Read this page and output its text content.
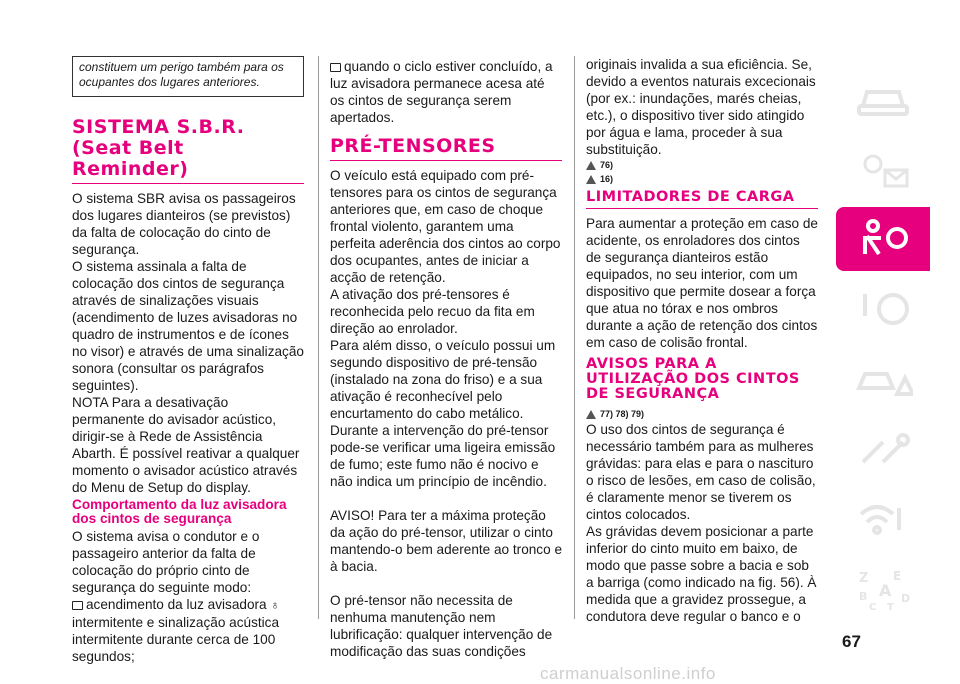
constituem um perigo também para os ocupantes dos lugares anteriores.
SISTEMA S.B.R. (Seat Belt Reminder)

O sistema SBR avisa os passageiros dos lugares dianteiros (se previstos) da falta de colocação do cinto de segurança.

O sistema assinala a falta de colocação dos cintos de segurança através de sinalizações visuais (acendimento de luzes avisadoras no quadro de instrumentos e de ícones no visor) e através de uma sinalização sonora (consultar os parágrafos seguintes).

NOTA Para a desativação permanente do avisador acústico, dirigir-se à Rede de Assistência Abarth. É possível reativar a qualquer momento o avisador acústico através do Menu de Setup do display.

Comportamento da luz avisadora dos cintos de segurança

O sistema avisa o condutor e o passageiro anterior da falta de colocação do próprio cinto de segurança do seguinte modo:

acendimento da luz avisadora ♁

intermitente e sinalização acústica intermitente durante cerca de 100 segundos;

quando o ciclo estiver concluído, a luz avisadora permanece acesa até os cintos de segurança serem apertados.

PRÉ-TENSORES

O veículo está equipado com pré-tensores para os cintos de segurança anteriores que, em caso de choque frontal violento, garantem uma perfeita aderência dos cintos ao corpo dos ocupantes, antes de iniciar a acção de retenção.

A ativação dos pré-tensores é reconhecida pelo recuo da fita em direção ao enrolador.

Para além disso, o veículo possui um segundo dispositivo de pré-tensão (instalado na zona do friso) e a sua ativação é reconhecível pelo encurtamento do cabo metálico.

Durante a intervenção do pré-tensor pode-se verificar uma ligeira emissão de fumo; este fumo não é nocivo e não indica um princípio de incêndio.

AVISO! Para ter a máxima proteção da ação do pré-tensor, utilizar o cinto mantendo-o bem aderente ao tronco e à bacia.

O pré-tensor não necessita de nenhuma manutenção nem lubrificação: qualquer intervenção de modificação das suas condições

originais invalida a sua eficiência. Se, devido a eventos naturais excecionais (por ex.: inundações, marés cheias, etc.), o dispositivo tiver sido atingido por água e lama, proceder à sua substituição.

76)
16)
LIMITADORES DE CARGA

Para aumentar a proteção em caso de acidente, os enroladores dos cintos de segurança dianteiros estão equipados, no seu interior, com um dispositivo que permite dosear a força que atua no tórax e nos ombros durante a ação de retenção dos cintos em caso de colisão frontal.

AVISOS PARA A UTILIZAÇÃO DOS CINTOS DE SEGURANÇA
77) 78) 79)

O uso dos cintos de segurança é necessário também para as mulheres grávidas: para elas e para o nascituro o risco de lesões, em caso de colisão, é claramente menor se tiverem os cintos colocados.

As grávidas devem posicionar a parte inferior do cinto muito em baixo, de modo que passe sobre a bacia e sob a barriga (como indicado na fig. 56). À medida que a gravidez prossegue, a condutora deve regular o banco e o

Z E
B A
C T
D
67
carmanualsonline.info
